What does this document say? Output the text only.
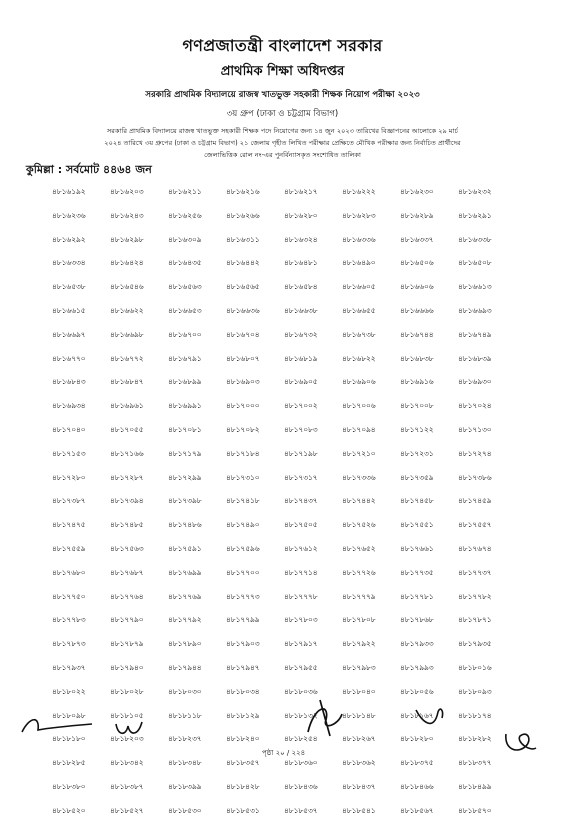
গণপ্রজাতন্ত্রী বাংলাদেশ সরকার
প্রাথমিক শিক্ষা অধিদপ্তর
সরকারি প্রাথমিক বিদ্যালয়ে রাজস্ব খাতভুক্ত সহকারী শিক্ষক নিয়োগ পরীক্ষা ২০২৩
৩য় গ্রুপ (ঢাকা ও চট্টগ্রাম বিভাগ)
সরকারি প্রাথমিক বিদ্যালয়ে রাজস্ব খাতভুক্ত সহকারী শিক্ষক পদে নিয়োগের জন্য ১৪ জুন ২০২৩ তারিখের বিজ্ঞাপনের আলোকে ২৯ মার্চ
২০২৪ তারিখে ৩য় গ্রুপের (ঢাকা ও চট্টগ্রাম বিভাগ) ২১ জেলায় গৃহীত লিখিত পরীক্ষার প্রেক্ষিতে মৌখিক পরীক্ষার জন্য নির্বাচিত প্রার্থীদের
জেলাভিত্তিক রোল নং-এর পুনর্বিন্যাসকৃত সংশোধিত তালিকা
কুমিল্লা : সর্বমোট ৪৪৬৪ জন
৪৮১৬১৯২	৪৮১৬২০৩	৪৮১৬২১১	৪৮১৬২১৬	৪৮১৬২১৭	৪৮১৬২২২	৪৮১৬২৩০	৪৮১৬২৩২
৪৮১৬২৩৬	৪৮১৬২৪৩	৪৮১৬২৫৬	৪৮১৬২৬৬	৪৮১৬২৮০	৪৮১৬২৮৩	৪৮১৬২৮৯	৪৮১৬২৯১
৪৮১৬২৯২	৪৮১৬২৯৮	৪৮১৬৩০৯	৪৮১৬৩১১	৪৮১৬৩২৪	৪৮১৬৩৩৬	৪৮১৬৩৩৭	৪৮১৬৩৩৮
৪৮১৬৩৩৪	৪৮১৬৪২৪	৪৮১৬৪৩৫	৪৮১৬৪৪২	৪৮১৬৪৮১	৪৮১৬৪৯০	৪৮১৬৫০৬	৪৮১৬৫০৮
৪৮১৬৫৩৮	৪৮১৬৫৪৬	৪৮১৬৫৬৩	৪৮১৬৫৬৫	৪৮১৬৫৮৪	৪৮১৬৬০৫	৪৮১৬৬০৬	৪৮১৬৬১৩
৪৮১৬৬১৫	৪৮১৬৬২২	৪৮১৬৬৫৩	৪৮১৬৬৩৬	৪৮১৬৬৩৮	৪৮১৬৬৫৫	৪৮১৬৬৬৬	৪৮১৬৬৯৩
৪৮১৬৬৯৭	৪৮১৬৬৯৮	৪৮১৬৭০০	৪৮১৬৭০৪	৪৮১৬৭৩২	৪৮১৬৭৩৮	৪৮১৬৭৪৪	৪৮১৬৭৪৯
৪৮১৬৭৭০	৪৮১৬৭৭২	৪৮১৬৭৯১	৪৮১৬৮০৭	৪৮১৬৮১৯	৪৮১৬৮২২	৪৮১৬৮৩৮	৪৮১৬৮৩৯
৪৮১৬৮৪৩	৪৮১৬৮৪৭	৪৮১৬৮৯৯	৪৮১৬৯০৩	৪৮১৬৯০৫	৪৮১৬৯০৬	৪৮১৬৯১৬	৪৮১৬৯৩০
৪৮১৬৯৩৪	৪৮১৬৯৬১	৪৮১৬৯৯১	৪৮১৭০০০	৪৮১৭০০২	৪৮১৭০০৬	৪৮১৭০০৮	৪৮১৭০২৪
৪৮১৭০৪০	৪৮১৭০৫৫	৪৮১৭০৮১	৪৮১৭০৮২	৪৮১৭০৮৩	৪৮১৭০৯৪	৪৮১৭১২২	৪৮১৭১৩০
৪৮১৭১৫৩	৪৮১৭১৬৬	৪৮১৭১৭৯	৪৮১৭১৮৪	৪৮১৭১৯৮	৪৮১৭২১০	৪৮১৭২৩১	৪৮১৭২৭৪
৪৮১৭২৮০	৪৮১৭২৮৭	৪৮১৭২৯৯	৪৮১৭৩১০	৪৮১৭৩১৭	৪৮১৭৩৩৬	৪৮১৭৩৫৯	৪৮১৭৩৮৬
৪৮১৭৩৮৭	৪৮১৭৩৯৪	৪৮১৭৩৯৮	৪৮১৭৪১৮	৪৮১৭৪৩৭	৪৮১৭৪৪২	৪৮১৭৪৫৮	৪৮১৭৪৫৯
৪৮১৭৪৭৫	৪৮১৭৪৮৫	৪৮১৭৪৮৬	৪৮১৭৪৯০	৪৮১৭৫০৫	৪৮১৭৫২৬	৪৮১৭৫৫১	৪৮১৭৫৫৭
৪৮১৭৫৫৯	৪৮১৭৫৬৩	৪৮১৭৫৯১	৪৮১৭৫৯৬	৪৮১৭৬১২	৪৮১৭৬৫২	৪৮১৭৬৬১	৪৮১৭৬৭৪
৪৮১৭৬৮০	৪৮১৭৬৮৭	৪৮১৭৬৯৯	৪৮১৭৭০০	৪৮১৭৭১৪	৪৮১৭৭২৬	৪৮১৭৭৩৫	৪৮১৭৭৩৭
৪৮১৭৭৫০	৪৮১৭৭৬৪	৪৮১৭৭৬৯	৪৮১৭৭৭৩	৪৮১৭৭৭৮	৪৮১৭৭৭৯	৪৮১৭৭৮১	৪৮১৭৭৮২
৪৮১৭৭৮৩	৪৮১৭৭৯০	৪৮১৭৭৯২	৪৮১৭৭৯৯	৪৮১৭৮০৩	৪৮১৭৮০৮	৪৮১৭৮৬৮	৪৮১৭৮৭১
৪৮১৭৮৭৩	৪৮১৭৮৭৯	৪৮১৭৮৯০	৪৮১৭৯০৩	৪৮১৭৯১৭	৪৮১৭৯২২	৪৮১৭৯৩৩	৪৮১৭৯৩৫
৪৮১৭৯৩৭	৪৮১৭৯৪০	৪৮১৭৯৪৪	৪৮১৭৯৪৭	৪৮১৭৯৫৫	৪৮১৭৯৮৩	৪৮১৭৯৯৩	৪৮১৮০১৬
৪৮১৮০২২	৪৮১৮০২৮	৪৮১৮০৩০	৪৮১৮০৩৪	৪৮১৮০৩৬	৪৮১৮০৪০	৪৮১৮০৫৬	৪৮১৮০৯৩
৪৮১৮০৯৮	৪৮১৮১০৫	৪৮১৮১১৮	৪৮১৮১২৯	৪৮১৮১৩২	৪৮১৮১৪৮	৪৮১৮১৬৭	৪৮১৮১৭৪
৪৮১৮১৮০	৪৮১৮২০৩	৪৮১৮২৩৭	৪৮১৮২৪০	৪৮১৮২৫৪	৪৮১৮২৬৭	৪৮১৮২৮০	৪৮১৮২৮২
৪৮১৮২৮৫	৪৮১৮৩৪২	৪৮১৮৩৪৮	৪৮১৮৩৫৭	৪৮১৮৩৬০	৪৮১৮৩৬২	৪৮১৮৩৭৫	৪৮১৮৩৭৭
৪৮১৮৩৮০	৪৮১৮৩৮৭	৪৮১৮৩৯৯	৪৮১৮৪২৮	৪৮১৮৪৩৬	৪৮১৮৪৩৭	৪৮১৮৪৬৬	৪৮১৮৪৯৯
৪৮১৮৫২০	৪৮১৮৫২৭	৪৮১৮৫৩০	৪৮১৮৫৩১	৪৮১৮৫৩৭	৪৮১৮৫৪১	৪৮১৮৫৬৭	৪৮১৮৫৭০
পৃষ্ঠা ২০ / ২২৪
